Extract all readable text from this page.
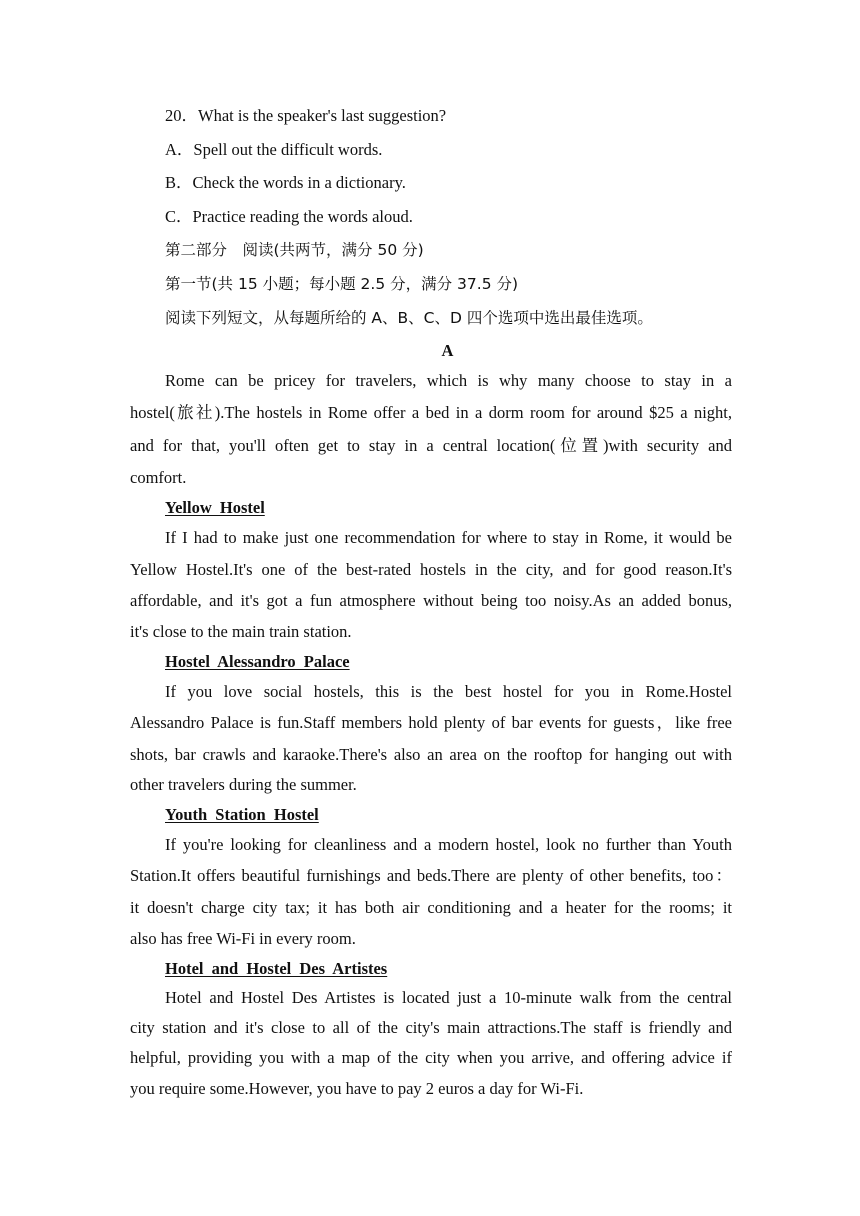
20．What is the speaker's last suggestion?
A．Spell out the difficult words.
B．Check the words in a dictionary.
C．Practice reading the words aloud.
第二部分　阅读(共两节，满分 50 分)
第一节(共 15 小题；每小题 2.5 分，满分 37.5 分)
阅读下列短文，从每题所给的 A、B、C、D 四个选项中选出最佳选项。
A
Rome can be pricey for travelers, which is why many choose to stay in a
hostel(旅社).The hostels in Rome offer a bed in a dorm room for around $25 a night,
and for that, you'll often get to stay in a central location(位置)with security and
comfort.
Yellow Hostel
If I had to make just one recommendation for where to stay in Rome, it would be
Yellow Hostel.It's one of the best‑rated hostels in the city, and for good reason.It's
affordable, and it's got a fun atmosphere without being too noisy.As an added bonus,
it's close to the main train station.
Hostel Alessandro Palace
If you love social hostels, this is the best hostel for you in Rome.Hostel
Alessandro Palace is fun.Staff members hold plenty of bar events for guests，like free
shots, bar crawls and karaoke.There's also an area on the rooftop for hanging out with
other travelers during the summer.
Youth Station Hostel
If you're looking for cleanliness and a modern hostel, look no further than Youth
Station.It offers beautiful furnishings and beds.There are plenty of other benefits, too：
it doesn't charge city tax; it has both air conditioning and a heater for the rooms; it
also has free Wi-Fi in every room.
Hotel and Hostel Des Artistes
Hotel and Hostel Des Artistes is located just a 10-minute walk from the central
city station and it's close to all of the city's main attractions.The staff is friendly and
helpful, providing you with a map of the city when you arrive, and offering advice if
you require some.However, you have to pay 2 euros a day for Wi‑Fi.
